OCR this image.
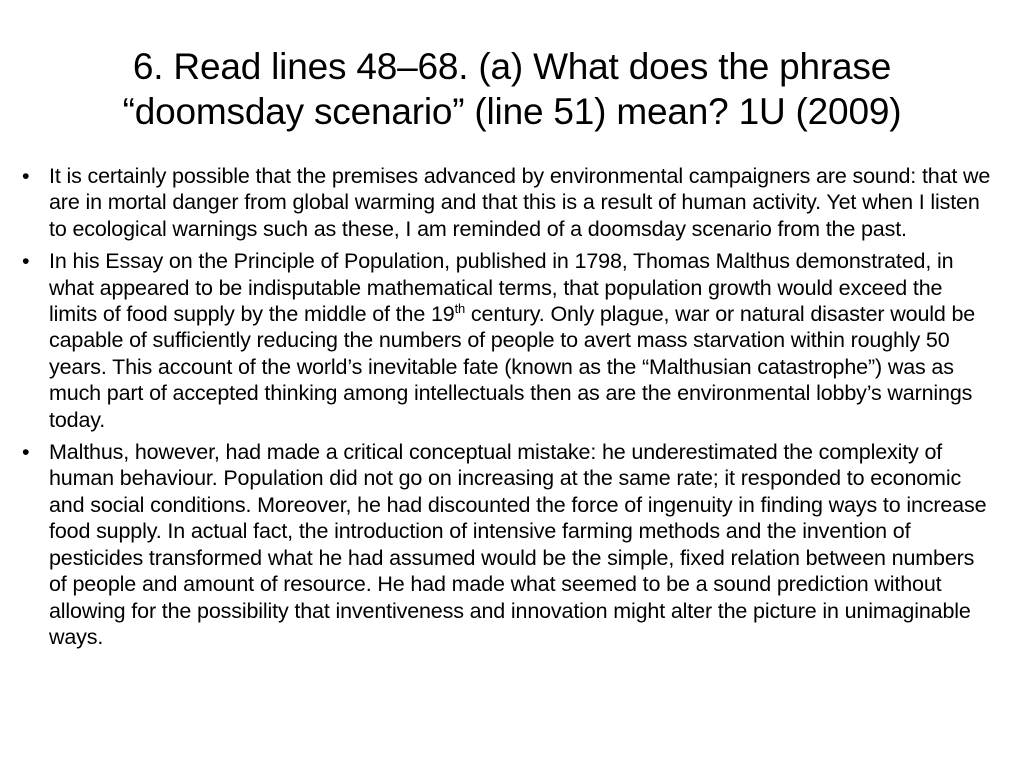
6. Read lines 48–68. (a) What does the phrase
“doomsday scenario” (line 51) mean? 1U (2009)
• It is certainly possible that the premises advanced by environmental campaigners are sound: that we are in mortal danger from global warming and that this is a result of human activity. Yet when I listen to ecological warnings such as these, I am reminded of a doomsday scenario from the past.
• In his Essay on the Principle of Population, published in 1798, Thomas Malthus demonstrated, in what appeared to be indisputable mathematical terms, that population growth would exceed the limits of food supply by the middle of the 19th century. Only plague, war or natural disaster would be capable of sufficiently reducing the numbers of people to avert mass starvation within roughly 50 years. This account of the world’s inevitable fate (known as the “Malthusian catastrophe”) was as much part of accepted thinking among intellectuals then as are the environmental lobby’s warnings today.
• Malthus, however, had made a critical conceptual mistake: he underestimated the complexity of human behaviour. Population did not go on increasing at the same rate; it responded to economic and social conditions. Moreover, he had discounted the force of ingenuity in finding ways to increase food supply. In actual fact, the introduction of intensive farming methods and the invention of pesticides transformed what he had assumed would be the simple, fixed relation between numbers of people and amount of resource. He had made what seemed to be a sound prediction without allowing for the possibility that inventiveness and innovation might alter the picture in unimaginable ways.
